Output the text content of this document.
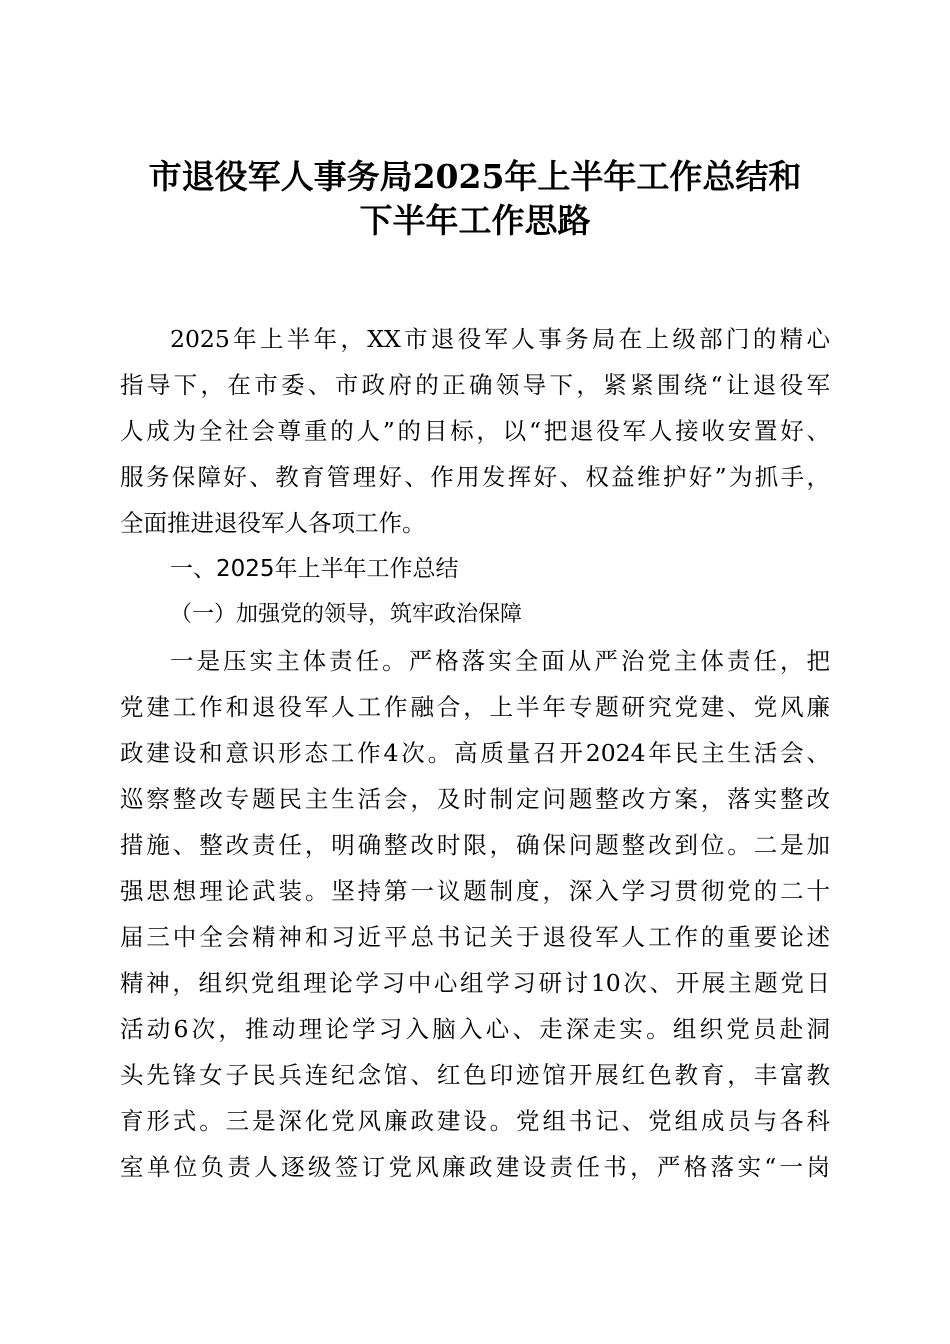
市退役军人事务局2025年上半年工作总结和
下半年工作思路
2025年上半年，XX市退役军人事务局在上级部门的精心
指导下，在市委、市政府的正确领导下，紧紧围绕“让退役军
人成为全社会尊重的人”的目标，以“把退役军人接收安置好、
服务保障好、教育管理好、作用发挥好、权益维护好”为抓手，
全面推进退役军人各项工作。
一、2025年上半年工作总结
（一）加强党的领导，筑牢政治保障
一是压实主体责任。严格落实全面从严治党主体责任，把
党建工作和退役军人工作融合，上半年专题研究党建、党风廉
政建设和意识形态工作4次。高质量召开2024年民主生活会、
巡察整改专题民主生活会，及时制定问题整改方案，落实整改
措施、整改责任，明确整改时限，确保问题整改到位。二是加
强思想理论武装。坚持第一议题制度，深入学习贯彻党的二十
届三中全会精神和习近平总书记关于退役军人工作的重要论述
精神，组织党组理论学习中心组学习研讨10次、开展主题党日
活动6次，推动理论学习入脑入心、走深走实。组织党员赴洞
头先锋女子民兵连纪念馆、红色印迹馆开展红色教育，丰富教
育形式。三是深化党风廉政建设。党组书记、党组成员与各科
室单位负责人逐级签订党风廉政建设责任书，严格落实“一岗
